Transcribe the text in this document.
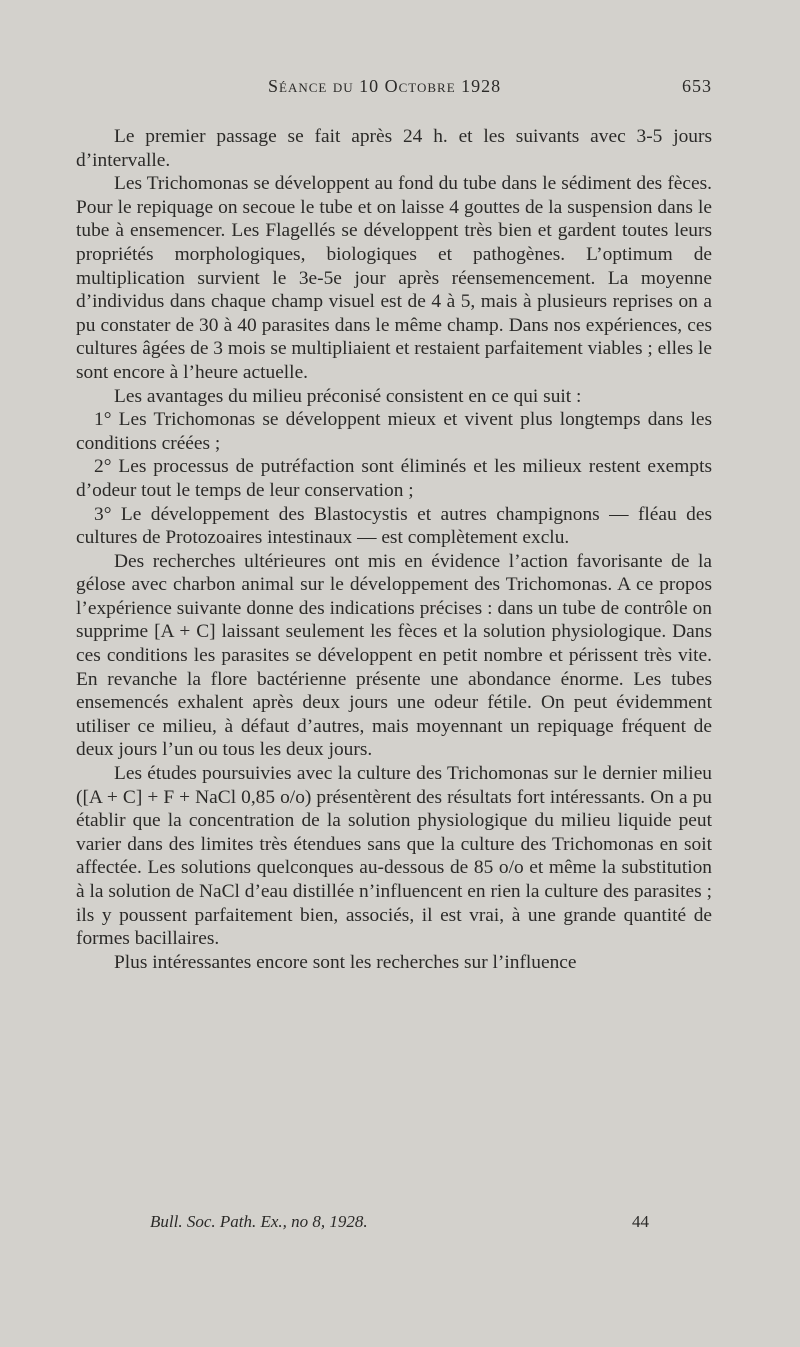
Séance du 10 Octobre 1928	653

Le premier passage se fait après 24 h. et les suivants avec 3-5 jours d’intervalle.

Les Trichomonas se développent au fond du tube dans le sédiment des fèces. Pour le repiquage on secoue le tube et on laisse 4 gouttes de la suspension dans le tube à ensemencer. Les Flagellés se développent très bien et gardent toutes leurs propriétés morphologiques, biologiques et pathogènes. L’optimum de multiplication survient le 3e-5e jour après réensemencement. La moyenne d’individus dans chaque champ visuel est de 4 à 5, mais à plusieurs reprises on a pu constater de 30 à 40 parasites dans le même champ. Dans nos expériences, ces cultures âgées de 3 mois se multipliaient et restaient parfaitement viables ; elles le sont encore à l’heure actuelle.

Les avantages du milieu préconisé consistent en ce qui suit :

1° Les Trichomonas se développent mieux et vivent plus longtemps dans les conditions créées ;

2° Les processus de putréfaction sont éliminés et les milieux restent exempts d’odeur tout le temps de leur conservation ;

3° Le développement des Blastocystis et autres champignons — fléau des cultures de Protozoaires intestinaux — est complètement exclu.

Des recherches ultérieures ont mis en évidence l’action favorisante de la gélose avec charbon animal sur le développement des Trichomonas. A ce propos l’expérience suivante donne des indications précises : dans un tube de contrôle on supprime [A + C] laissant seulement les fèces et la solution physiologique. Dans ces conditions les parasites se développent en petit nombre et périssent très vite. En revanche la flore bactérienne présente une abondance énorme. Les tubes ensemencés exhalent après deux jours une odeur fétile. On peut évidemment utiliser ce milieu, à défaut d’autres, mais moyennant un repiquage fréquent de deux jours l’un ou tous les deux jours.

Les études poursuivies avec la culture des Trichomonas sur le dernier milieu ([A + C] + F + NaCl 0,85 o/o) présentèrent des résultats fort intéressants. On a pu établir que la concentration de la solution physiologique du milieu liquide peut varier dans des limites très étendues sans que la culture des Trichomonas en soit affectée. Les solutions quelconques au-dessous de 85 o/o et même la substitution à la solution de NaCl d’eau distillée n’influencent en rien la culture des parasites ; ils y poussent parfaitement bien, associés, il est vrai, à une grande quantité de formes bacillaires.

Plus intéressantes encore sont les recherches sur l’influence

Bull. Soc. Path. Ex., no 8, 1928.	44
